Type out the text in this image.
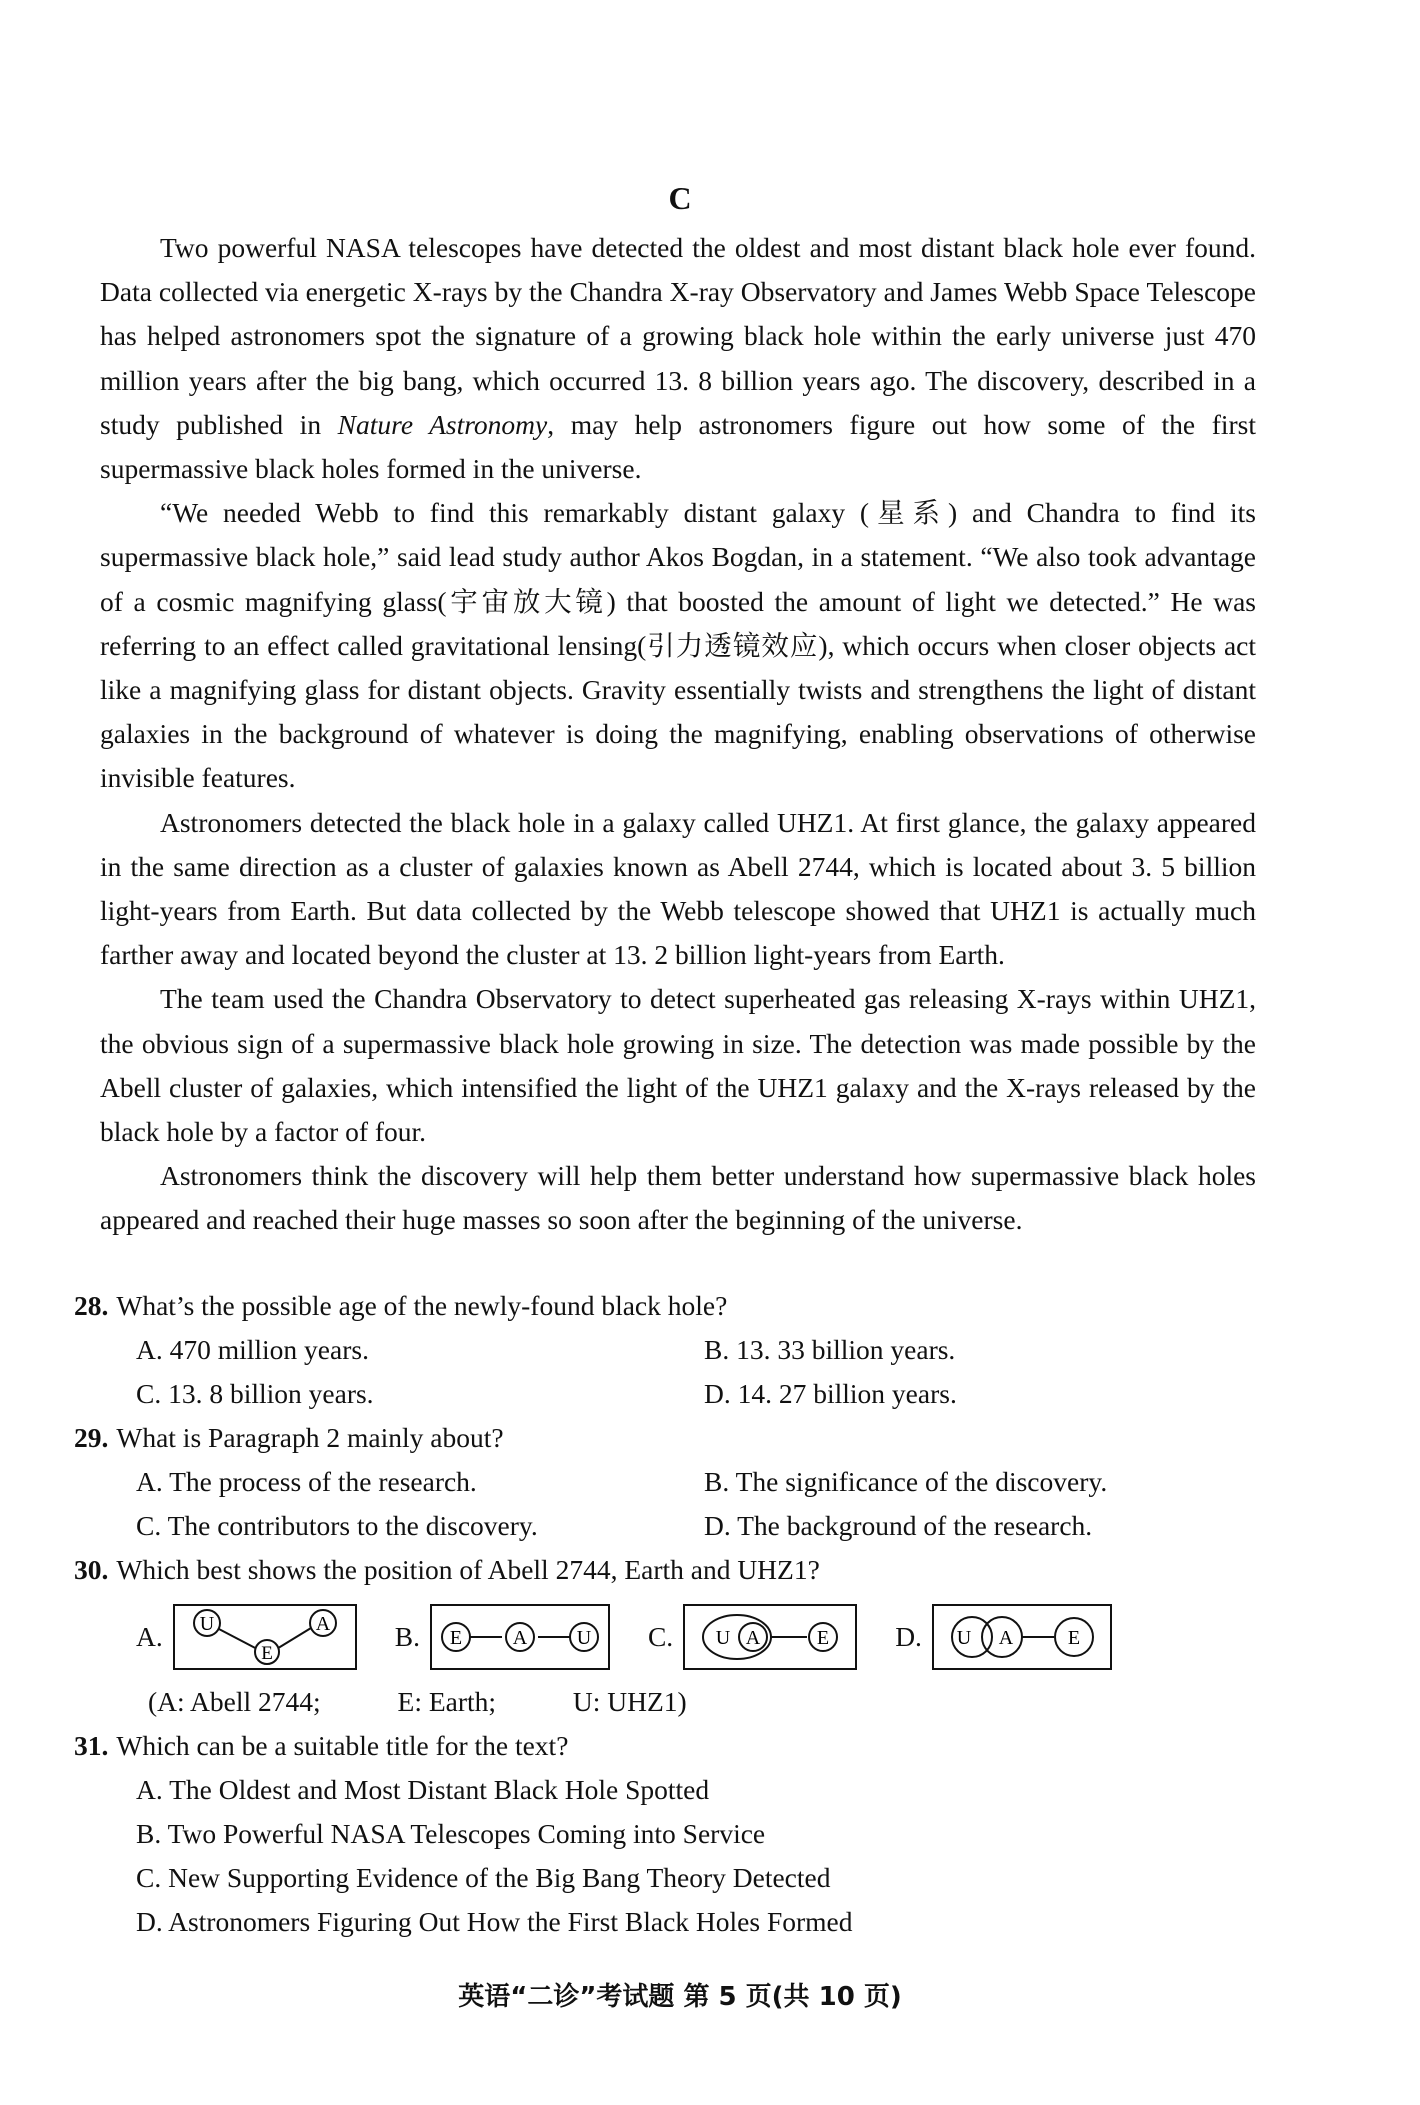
C

Two powerful NASA telescopes have detected the oldest and most distant black hole ever found. Data collected via energetic X-rays by the Chandra X-ray Observatory and James Webb Space Telescope has helped astronomers spot the signature of a growing black hole within the early universe just 470 million years after the big bang, which occurred 13. 8 billion years ago. The discovery, described in a study published in Nature Astronomy, may help astronomers figure out how some of the first supermassive black holes formed in the universe.

“We needed Webb to find this remarkably distant galaxy (星系) and Chandra to find its supermassive black hole,” said lead study author Akos Bogdan, in a statement. “We also took advantage of a cosmic magnifying glass(宇宙放大镜) that boosted the amount of light we detected.” He was referring to an effect called gravitational lensing(引力透镜效应), which occurs when closer objects act like a magnifying glass for distant objects. Gravity essentially twists and strengthens the light of distant galaxies in the background of whatever is doing the magnifying, enabling observations of otherwise invisible features.

Astronomers detected the black hole in a galaxy called UHZ1. At first glance, the galaxy appeared in the same direction as a cluster of galaxies known as Abell 2744, which is located about 3. 5 billion light-years from Earth. But data collected by the Webb telescope showed that UHZ1 is actually much farther away and located beyond the cluster at 13. 2 billion light-years from Earth.

The team used the Chandra Observatory to detect superheated gas releasing X-rays within UHZ1, the obvious sign of a supermassive black hole growing in size. The detection was made possible by the Abell cluster of galaxies, which intensified the light of the UHZ1 galaxy and the X-rays released by the black hole by a factor of four.

Astronomers think the discovery will help them better understand how supermassive black holes appeared and reached their huge masses so soon after the beginning of the universe.

28. What’s the possible age of the newly-found black hole?
A. 470 million years.	B. 13. 33 billion years.
C. 13. 8 billion years.	D. 14. 27 billion years.
29. What is Paragraph 2 mainly about?
A. The process of the research.	B. The significance of the discovery.
C. The contributors to the discovery.	D. The background of the research.
30. Which best shows the position of Abell 2744, Earth and UHZ1?
A. U
E
A B. E	A U C. U A	E D. U A	E
(A: Abell 2744;	E: Earth;	U: UHZ1)
31. Which can be a suitable title for the text?
A. The Oldest and Most Distant Black Hole Spotted
B. Two Powerful NASA Telescopes Coming into Service
C. New Supporting Evidence of the Big Bang Theory Detected
D. Astronomers Figuring Out How the First Black Holes Formed
英语“二诊”考试题 第 5 页(共 10 页)
